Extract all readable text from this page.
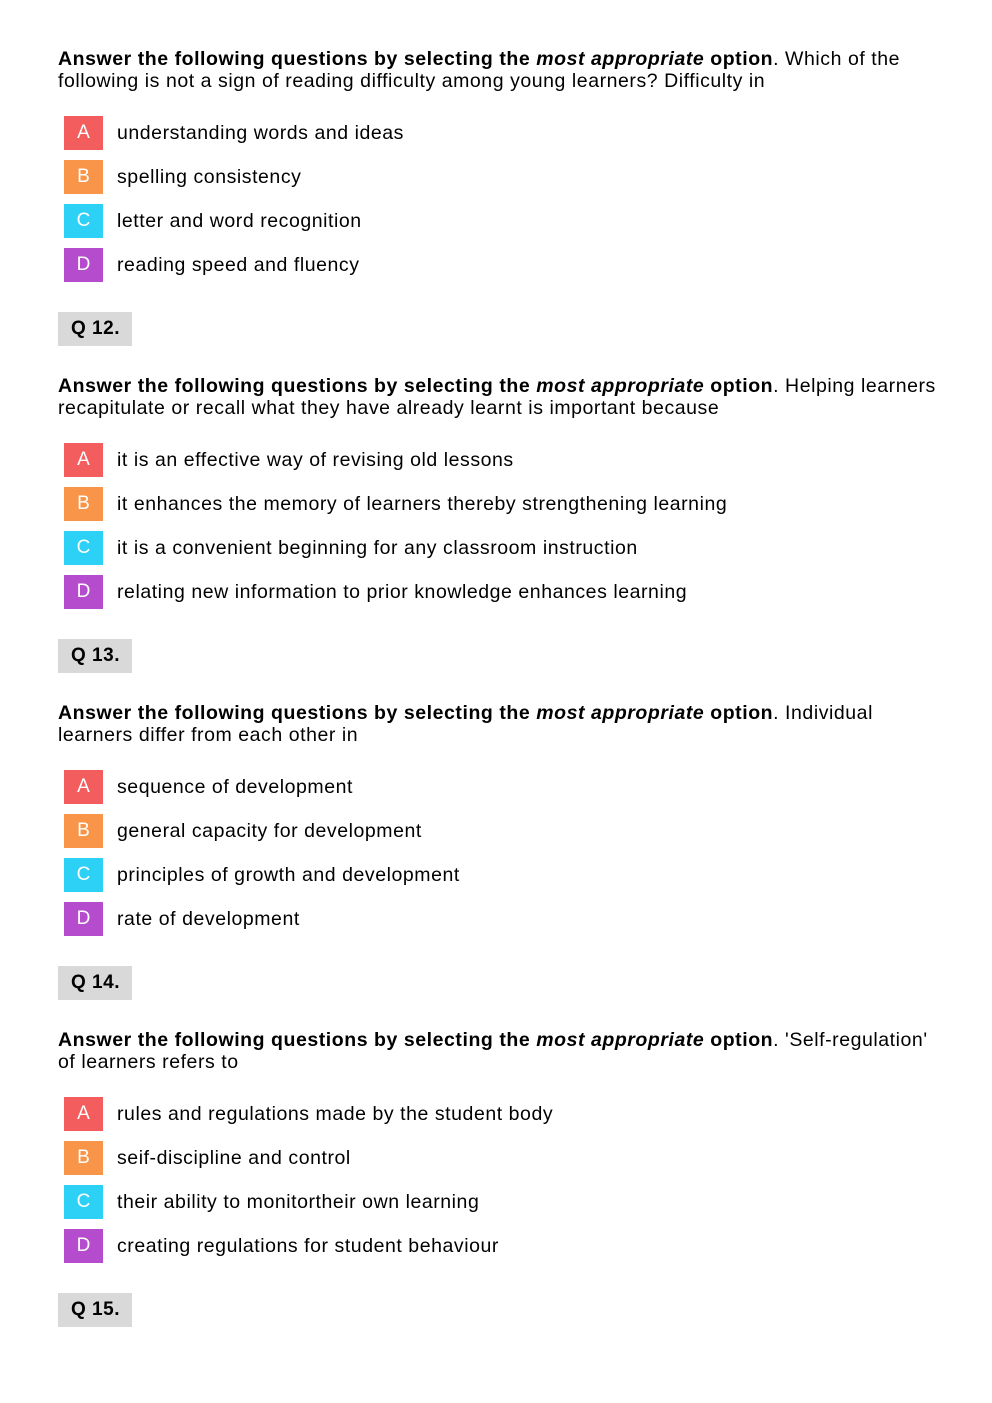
Answer the following questions by selecting the most appropriate option. Which of the following is not a sign of reading difficulty among young learners? Difficulty in

A	understanding words and ideas
B	spelling consistency
C	letter and word recognition
D	reading speed and fluency
Q 12.

Answer the following questions by selecting the most appropriate option. Helping learners recapitulate or recall what they have already learnt is important because

A	it is an effective way of revising old lessons
B	it enhances the memory of learners thereby strengthening learning
C	it is a convenient beginning for any classroom instruction
D	relating new information to prior knowledge enhances learning
Q 13.

Answer the following questions by selecting the most appropriate option. Individual learners differ from each other in

A	sequence of development
B	general capacity for development
C	principles of growth and development
D	rate of development
Q 14.

Answer the following questions by selecting the most appropriate option. 'Self-regulation' of learners refers to

A	rules and regulations made by the student body
B	seif-discipline and control
C	their ability to monitortheir own learning
D	creating regulations for student behaviour
Q 15.
